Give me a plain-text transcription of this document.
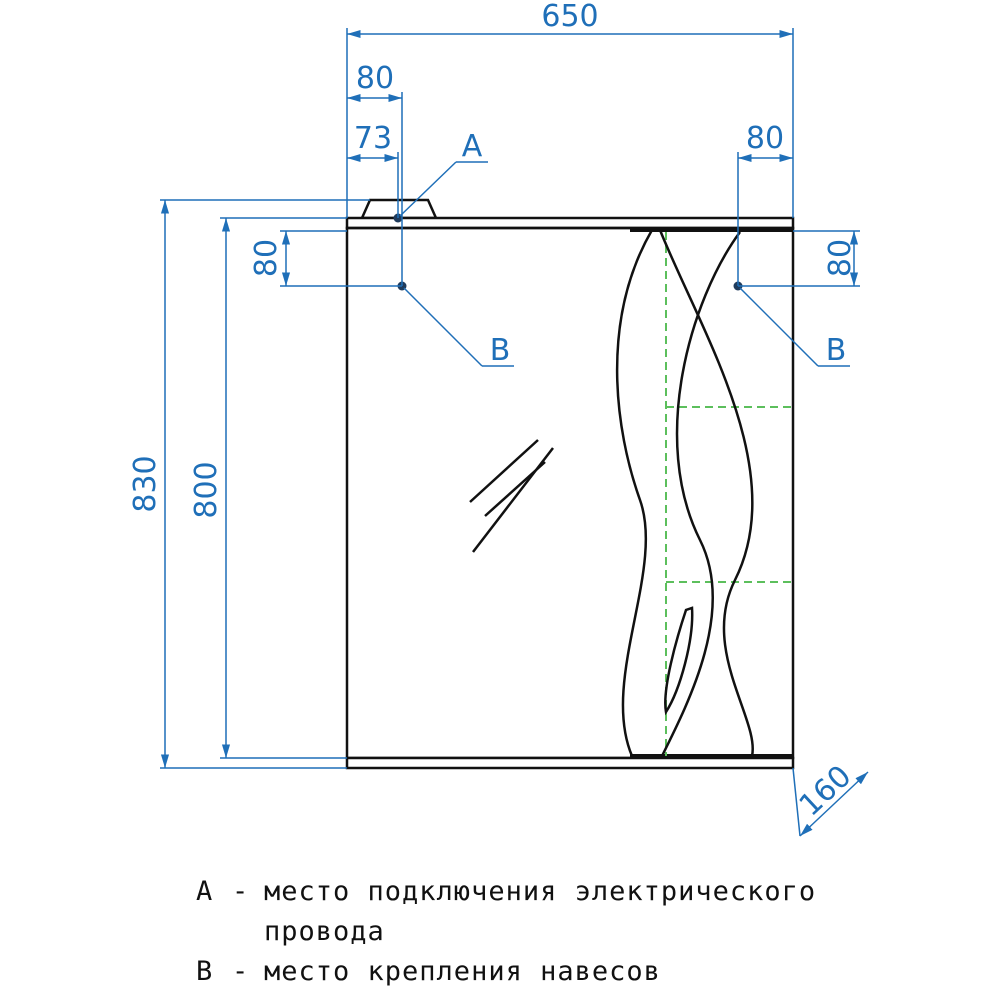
650
80
73	80
830 800
80	80
160
A
B	B
A - место подключения электрического
провода
B - место крепления навесов
